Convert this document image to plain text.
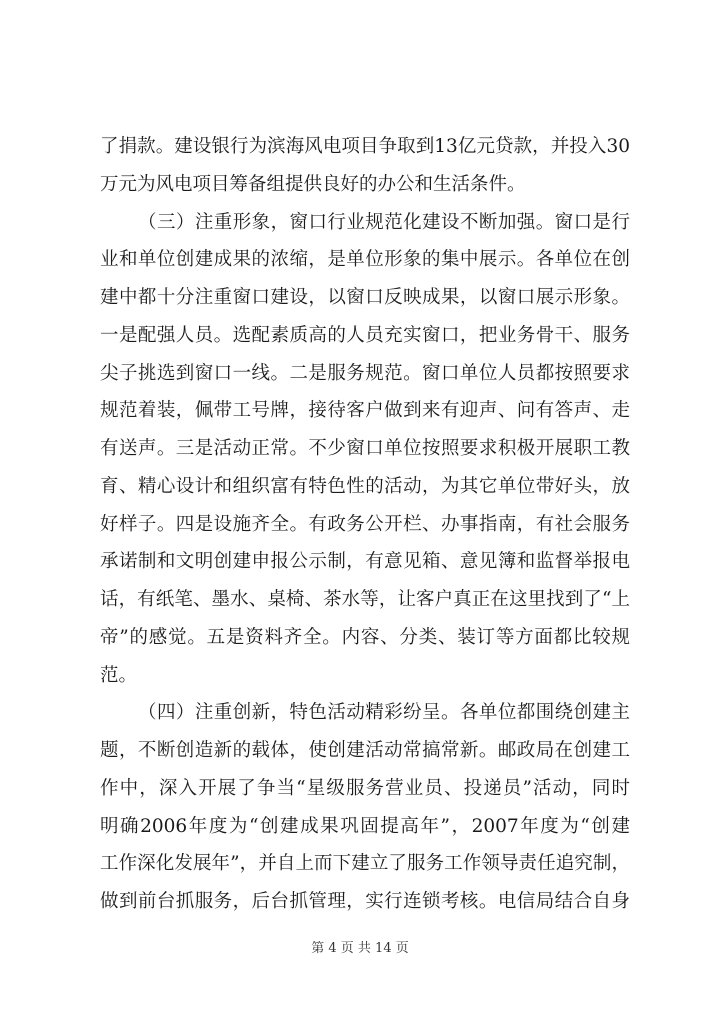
了捐款。建设银行为滨海风电项目争取到13亿元贷款，并投入30
万元为风电项目筹备组提供良好的办公和生活条件。
（三）注重形象，窗口行业规范化建设不断加强。窗口是行
业和单位创建成果的浓缩，是单位形象的集中展示。各单位在创
建中都十分注重窗口建设，以窗口反映成果，以窗口展示形象。
一是配强人员。选配素质高的人员充实窗口，把业务骨干、服务
尖子挑选到窗口一线。二是服务规范。窗口单位人员都按照要求
规范着装，佩带工号牌，接待客户做到来有迎声、问有答声、走
有送声。三是活动正常。不少窗口单位按照要求积极开展职工教
育、精心设计和组织富有特色性的活动，为其它单位带好头，放
好样子。四是设施齐全。有政务公开栏、办事指南，有社会服务
承诺制和文明创建申报公示制，有意见箱、意见簿和监督举报电
话，有纸笔、墨水、桌椅、茶水等，让客户真正在这里找到了“上
帝”的感觉。五是资料齐全。内容、分类、装订等方面都比较规
范。
（四）注重创新，特色活动精彩纷呈。各单位都围绕创建主
题，不断创造新的载体，使创建活动常搞常新。邮政局在创建工
作中，深入开展了争当“星级服务营业员、投递员”活动，同时
明确2006年度为“创建成果巩固提高年”，2007年度为“创建
工作深化发展年”，并自上而下建立了服务工作领导责任追究制，
做到前台抓服务，后台抓管理，实行连锁考核。电信局结合自身
第 4 页 共 14 页
